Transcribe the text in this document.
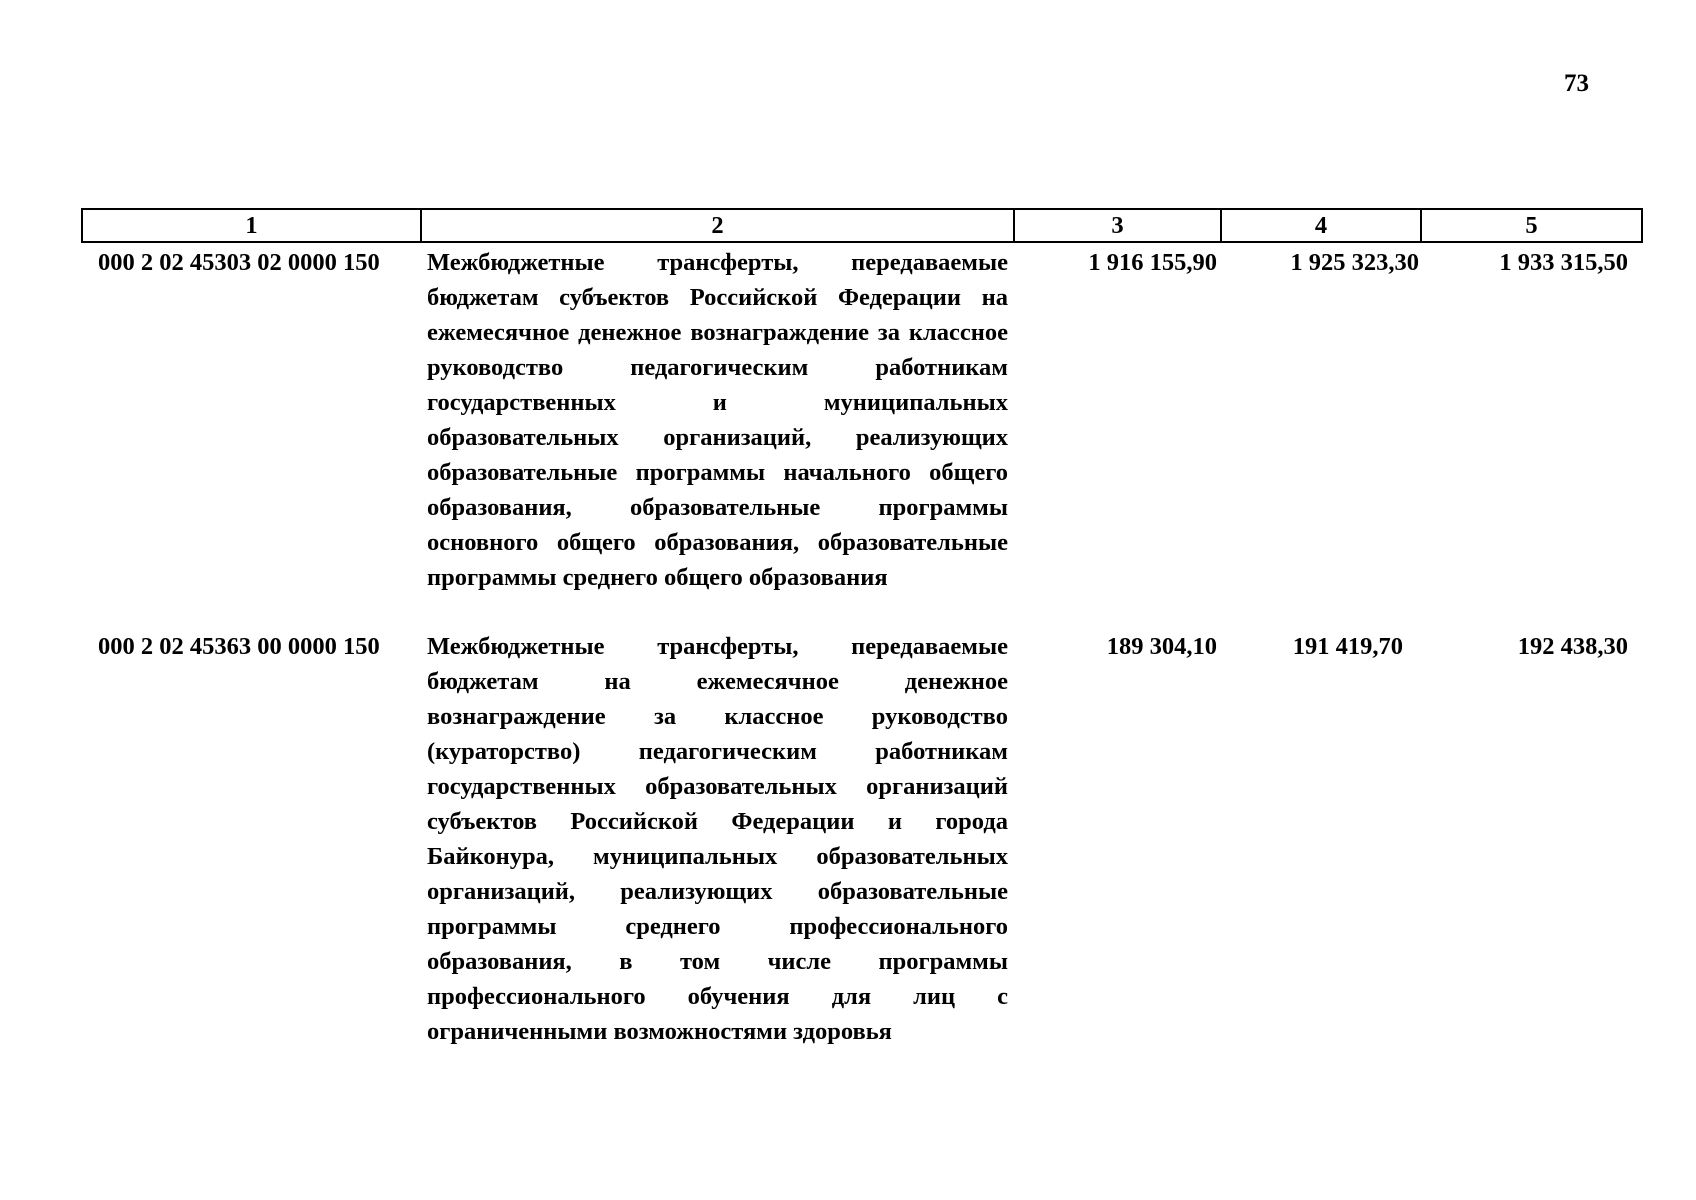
73
1	2	3	4	5
000 2 02 45303 02 0000 150	Межбюджетные трансферты, передаваемые бюджетам субъектов Российской Федерации на ежемесячное денежное вознаграждение за классное руководство педагогическим работникам государственных и муниципальных образовательных организаций, реализующих образовательные программы начального общего образования, образовательные программы основного общего образования, образовательные программы среднего общего образования	1 916 155,90	1 925 323,30	1 933 315,50
000 2 02 45363 00 0000 150	Межбюджетные трансферты, передаваемые бюджетам на ежемесячное денежное вознаграждение за классное руководство (кураторство) педагогическим работникам государственных образовательных организаций субъектов Российской Федерации и города Байконура, муниципальных образовательных организаций, реализующих образовательные программы среднего профессионального образования, в том числе программы профессионального обучения для лиц с ограниченными возможностями здоровья	189 304,10	191 419,70	192 438,30
